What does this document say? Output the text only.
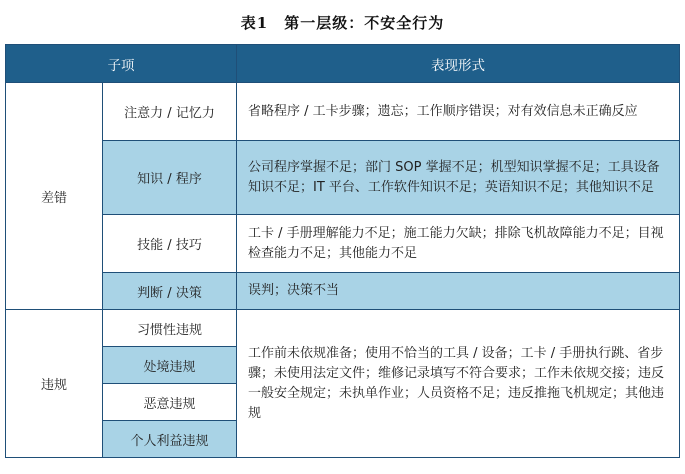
表1　第一层级：不安全行为
子项		表现形式
差错	注意力 / 记忆力	省略程序 / 工卡步骤；遗忘；工作顺序错误；对有效信息未正确反应
	知识 / 程序	公司程序掌握不足；部门 SOP 掌握不足；机型知识掌握不足；工具设备知识不足；IT 平台、工作软件知识不足；英语知识不足；其他知识不足
	技能 / 技巧	工卡 / 手册理解能力不足；施工能力欠缺；排除飞机故障能力不足；目视检查能力不足；其他能力不足
	判断 / 决策	误判；决策不当
违规	习惯性违规	工作前未依规准备；使用不恰当的工具 / 设备；工卡 / 手册执行跳、省步骤；未使用法定文件；维修记录填写不符合要求；工作未依规交接；违反一般安全规定；未执单作业；人员资格不足；违反推拖飞机规定；其他违规
	处境违规	
	恶意违规	
	个人利益违规	
